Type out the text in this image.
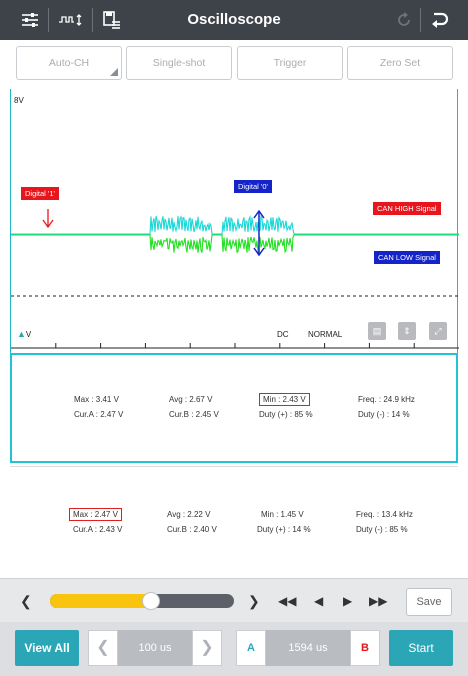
Oscilloscope
Auto-CH	Single-shot	Trigger	Zero Set
8V
Digital '1'
Digital '0'
CAN HIGH Signal
CAN LOW Signal
▲V	DC NORMAL	▤	⇕	⤢
Max : 3.41 V	Avg : 2.67 V	Min : 2.43 V	Freq. : 24.9 kHz
Cur.A : 2.47 V	Cur.B : 2.45 V	Duty (+) : 85 %	Duty (-) : 14 %
Max : 2.47 V	Avg : 2.22 V	Min : 1.45 V	Freq. : 13.4 kHz
Cur.A : 2.43 V	Cur.B : 2.40 V	Duty (+) : 14 %	Duty (-) : 85 %
❮	❯ ◀◀ ◀ ▶ ▶▶	Save
View All	❮	100 us	❯	A	1594 us	B	Start
